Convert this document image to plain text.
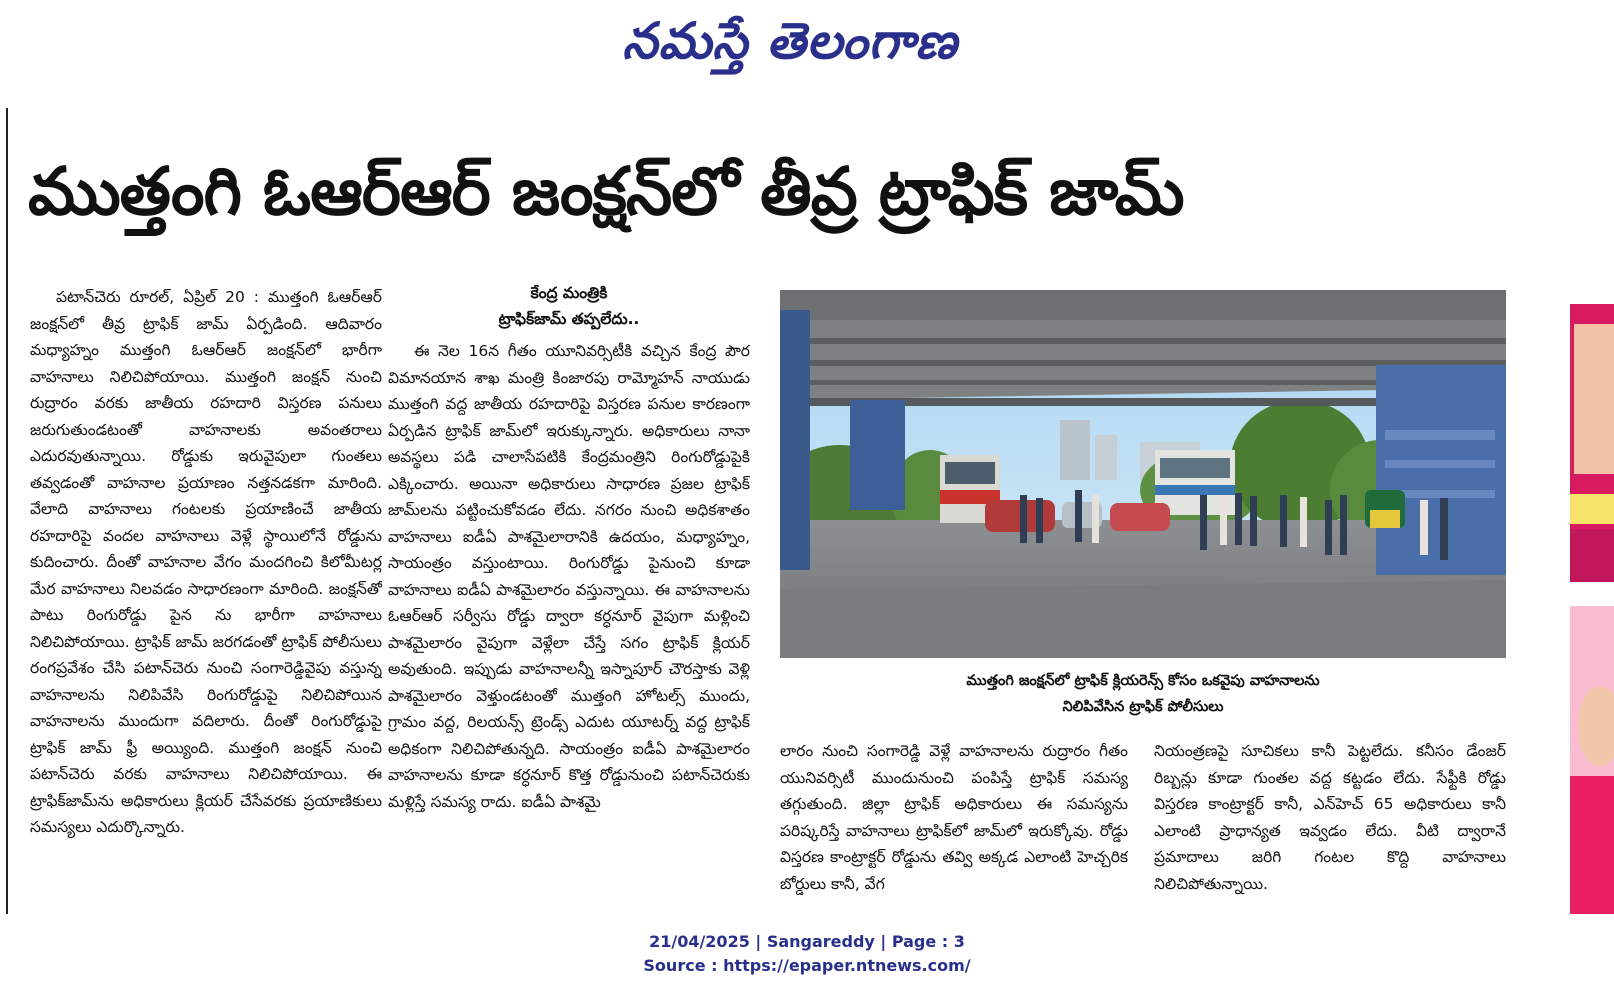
నమస్తే తెలంగాణ
ముత్తంగి ఓఆర్ఆర్ జంక్షన్‌లో తీవ్ర ట్రాఫిక్ జామ్

పటాన్‌చెరు రూరల్, ఏప్రిల్ 20 : ముత్తంగి ఓఆర్ఆర్ జంక్షన్‌లో తీవ్ర ట్రాఫిక్ జామ్ ఏర్పడింది. ఆదివారం మధ్యాహ్నం ముత్తంగి ఓఆర్ఆర్ జంక్షన్‌లో భారీగా వాహనాలు నిలిచిపోయాయి. ముత్తంగి జంక్షన్ నుంచి రుద్రారం వరకు జాతీయ రహదారి విస్తరణ పనులు జరుగుతుండటంతో వాహనాలకు అవంతరాలు ఎదురవుతున్నాయి. రోడ్డుకు ఇరువైపులా గుంతలు తవ్వడంతో వాహనాల ప్రయాణం నత్తనడకగా మారింది. వేలాది వాహనాలు గంటలకు ప్రయాణించే జాతీయ రహదారిపై వందల వాహనాలు వెళ్లే స్థాయిలోనే రోడ్డును కుదించారు. దీంతో వాహనాల వేగం మందగించి కిలోమీటర్ల మేర వాహనాలు నిలవడం సాధారణంగా మారింది. జంక్షన్‌తో పాటు రింగురోడ్డు పైన ను భారీగా వాహనాలు నిలిచిపోయాయి. ట్రాఫిక్ జామ్ జరగడంతో ట్రాఫిక్ పోలీసులు రంగప్రవేశం చేసి పటాన్‌చెరు నుంచి సంగారెడ్డివైపు వస్తున్న వాహనాలను నిలిపివేసి రింగురోడ్డుపై నిలిచిపోయిన వాహనాలను ముందుగా వదిలారు. దీంతో రింగురోడ్డుపై ట్రాఫిక్ జామ్ ఫ్రీ అయ్యింది. ముత్తంగి జంక్షన్ నుంచి పటాన్‌చెరు వరకు వాహనాలు నిలిచిపోయాయి. ఈ ట్రాఫిక్‌జామ్‌ను అధికారులు క్లియర్ చేసేవరకు ప్రయాణికులు సమస్యలు ఎదుర్కొన్నారు.

కేంద్ర మంత్రికి
ట్రాఫిక్‌జామ్ తప్పలేదు..

ఈ నెల 16న గీతం యూనివర్సిటీకి వచ్చిన కేంద్ర పౌర విమానయాన శాఖ మంత్రి కింజారపు రామ్మోహన్ నాయుడు ముత్తంగి వద్ద జాతీయ రహదారిపై విస్తరణ పనుల కారణంగా ఏర్పడిన ట్రాఫిక్ జామ్‌లో ఇరుక్కున్నారు. అధికారులు నానా అవస్థలు పడి చాలాసేపటికి కేంద్రమంత్రిని రింగురోడ్డుపైకి ఎక్కించారు. అయినా అధికారులు సాధారణ ప్రజల ట్రాఫిక్ జామ్‌లను పట్టించుకోవడం లేదు. నగరం నుంచి అధికశాతం వాహనాలు ఐడీఏ పాశమైలారానికి ఉదయం, మధ్యాహ్నం, సాయంత్రం వస్తుంటాయి. రింగురోడ్డు పైనుంచి కూడా వాహనాలు ఐడీఏ పాశమైలారం వస్తున్నాయి. ఈ వాహనాలను ఓఆర్ఆర్ సర్వీసు రోడ్డు ద్వారా కర్ధనూర్ వైపుగా మళ్లించి పాశమైలారం వైపుగా వెళ్లేలా చేస్తే సగం ట్రాఫిక్ క్లియర్ అవుతుంది. ఇప్పుడు వాహనాలన్నీ ఇస్నాపూర్ చౌరస్తాకు వెళ్లి పాశమైలారం వెళ్తుండటంతో ముత్తంగి హోటల్స్ ముందు, గ్రామం వద్ద, రిలయన్స్ ట్రెండ్స్ ఎదుట యూటర్న్ వద్ద ట్రాఫిక్ అధికంగా నిలిచిపోతున్నది. సాయంత్రం ఐడీఏ పాశమైలారం వాహనాలను కూడా కర్ధనూర్ కొత్త రోడ్డునుంచి పటాన్‌చెరుకు మళ్లిస్తే సమస్య రాదు. ఐడీఏ పాశమై

ముత్తంగి జంక్షన్‌లో ట్రాఫిక్ క్లియరెన్స్ కోసం ఒకవైపు వాహనాలను
నిలిపివేసిన ట్రాఫిక్ పోలీసులు

లారం నుంచి సంగారెడ్డి వెళ్లే వాహనాలను రుద్రారం గీతం యునివర్సిటీ ముందునుంచి పంపిస్తే ట్రాఫిక్ సమస్య తగ్గుతుంది. జిల్లా ట్రాఫిక్ అధికారులు ఈ సమస్యను పరిష్కరిస్తే వాహనాలు ట్రాఫిక్‌లో జామ్‌లో ఇరుక్కోవు. రోడ్డు విస్తరణ కాంట్రాక్టర్ రోడ్డును తవ్వి అక్కడ ఎలాంటి హెచ్చరిక బోర్డులు కానీ, వేగ

నియంత్రణపై సూచికలు కానీ పెట్టలేదు. కనీసం డేంజర్ రిబ్బన్లు కూడా గుంతల వద్ద కట్టడం లేదు. సేఫ్టీకి రోడ్డు విస్తరణ కాంట్రాక్టర్ కానీ, ఎన్‌హెచ్ 65 అధికారులు కానీ ఎలాంటి ప్రాధాన్యత ఇవ్వడం లేదు. వీటి ద్వారానే ప్రమాదాలు జరిగి గంటల కొద్ది వాహనాలు నిలిచిపోతున్నాయి.

21/04/2025 | Sangareddy | Page : 3
Source : https://epaper.ntnews.com/
